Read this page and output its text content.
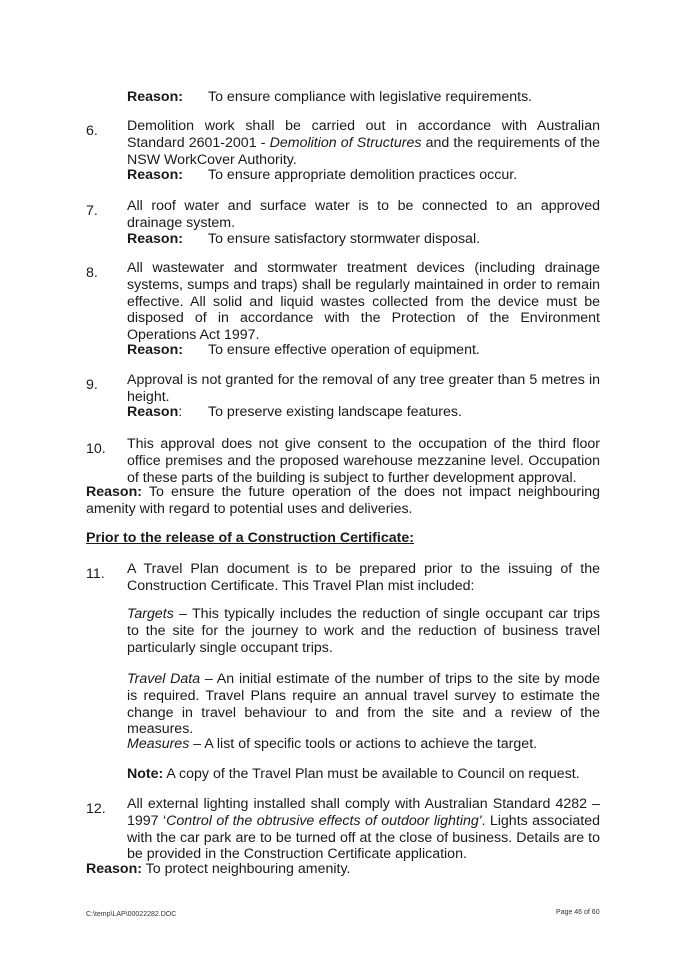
Reason: To ensure compliance with legislative requirements.
6. Demolition work shall be carried out in accordance with Australian Standard 2601-2001 - Demolition of Structures and the requirements of the NSW WorkCover Authority.
Reason: To ensure appropriate demolition practices occur.
7. All roof water and surface water is to be connected to an approved drainage system.
Reason: To ensure satisfactory stormwater disposal.
8. All wastewater and stormwater treatment devices (including drainage systems, sumps and traps) shall be regularly maintained in order to remain effective. All solid and liquid wastes collected from the device must be disposed of in accordance with the Protection of the Environment Operations Act 1997.
Reason: To ensure effective operation of equipment.
9. Approval is not granted for the removal of any tree greater than 5 metres in height.
Reason: To preserve existing landscape features.
10. This approval does not give consent to the occupation of the third floor office premises and the proposed warehouse mezzanine level. Occupation of these parts of the building is subject to further development approval.
Reason: To ensure the future operation of the does not impact neighbouring amenity with regard to potential uses and deliveries.
Prior to the release of a Construction Certificate:
11. A Travel Plan document is to be prepared prior to the issuing of the Construction Certificate. This Travel Plan mist included:
Targets – This typically includes the reduction of single occupant car trips to the site for the journey to work and the reduction of business travel particularly single occupant trips.
Travel Data – An initial estimate of the number of trips to the site by mode is required. Travel Plans require an annual travel survey to estimate the change in travel behaviour to and from the site and a review of the measures.
Measures – A list of specific tools or actions to achieve the target.
Note: A copy of the Travel Plan must be available to Council on request.
12. All external lighting installed shall comply with Australian Standard 4282 – 1997 ‘Control of the obtrusive effects of outdoor lighting'. Lights associated with the car park are to be turned off at the close of business. Details are to be provided in the Construction Certificate application.
Reason: To protect neighbouring amenity.
C:\temp\LAP\00022282.DOC	Page 46 of 60
